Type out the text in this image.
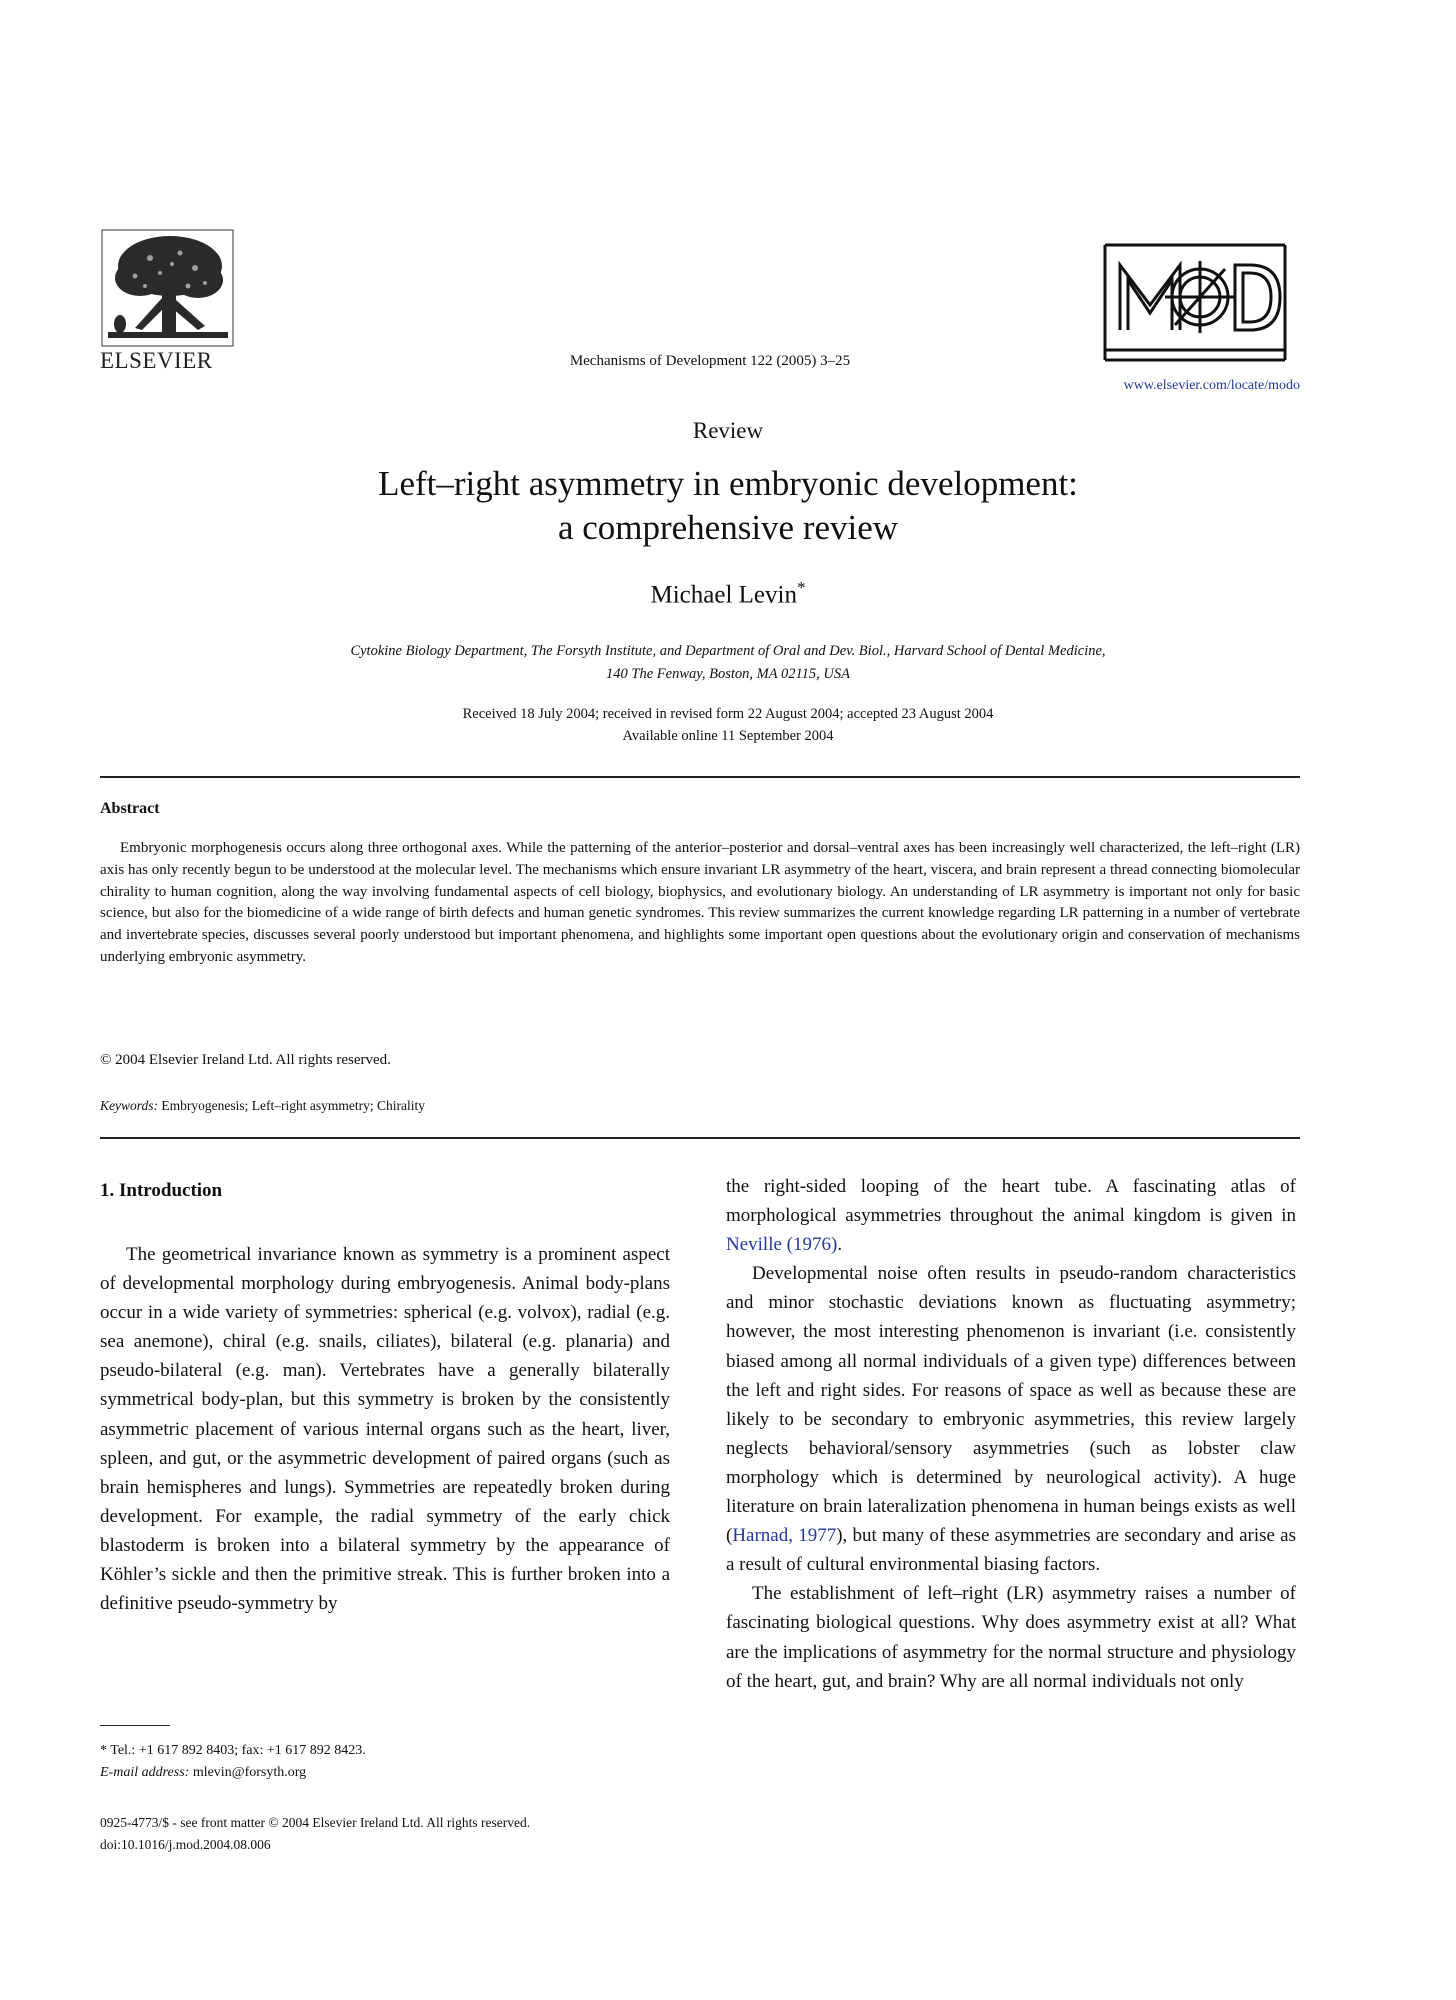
ELSEVIER	Mechanisms of Development 122 (2005) 3–25
www.elsevier.com/locate/modo
Review
Left–right asymmetry in embryonic development:
a comprehensive review
Michael Levin*
Cytokine Biology Department, The Forsyth Institute, and Department of Oral and Dev. Biol., Harvard School of Dental Medicine,
140 The Fenway, Boston, MA 02115, USA
Received 18 July 2004; received in revised form 22 August 2004; accepted 23 August 2004
Available online 11 September 2004
Abstract
Embryonic morphogenesis occurs along three orthogonal axes. While the patterning of the anterior–posterior and dorsal–ventral axes has been increasingly well characterized, the left–right (LR) axis has only recently begun to be understood at the molecular level. The mechanisms which ensure invariant LR asymmetry of the heart, viscera, and brain represent a thread connecting biomolecular chirality to human cognition, along the way involving fundamental aspects of cell biology, biophysics, and evolutionary biology. An understanding of LR asymmetry is important not only for basic science, but also for the biomedicine of a wide range of birth defects and human genetic syndromes. This review summarizes the current knowledge regarding LR patterning in a number of vertebrate and invertebrate species, discusses several poorly understood but important phenomena, and highlights some important open questions about the evolutionary origin and conservation of mechanisms underlying embryonic asymmetry.
© 2004 Elsevier Ireland Ltd. All rights reserved.
Keywords: Embryogenesis; Left–right asymmetry; Chirality
1. Introduction

The geometrical invariance known as symmetry is a prominent aspect of developmental morphology during embryogenesis. Animal body-plans occur in a wide variety of symmetries: spherical (e.g. volvox), radial (e.g. sea anemone), chiral (e.g. snails, ciliates), bilateral (e.g. planaria) and pseudo-bilateral (e.g. man). Vertebrates have a generally bilaterally symmetrical body-plan, but this symmetry is broken by the consistently asymmetric placement of various internal organs such as the heart, liver, spleen, and gut, or the asymmetric development of paired organs (such as brain hemispheres and lungs). Symmetries are repeatedly broken during development. For example, the radial symmetry of the early chick blastoderm is broken into a bilateral symmetry by the appearance of Köhler’s sickle and then the primitive streak. This is further broken into a definitive pseudo-symmetry by

the right-sided looping of the heart tube. A fascinating atlas of morphological asymmetries throughout the animal kingdom is given in Neville (1976).

Developmental noise often results in pseudo-random characteristics and minor stochastic deviations known as fluctuating asymmetry; however, the most interesting phenomenon is invariant (i.e. consistently biased among all normal individuals of a given type) differences between the left and right sides. For reasons of space as well as because these are likely to be secondary to embryonic asymmetries, this review largely neglects behavioral/sensory asymmetries (such as lobster claw morphology which is determined by neurological activity). A huge literature on brain lateralization phenomena in human beings exists as well (Harnad, 1977), but many of these asymmetries are secondary and arise as a result of cultural environmental biasing factors.

The establishment of left–right (LR) asymmetry raises a number of fascinating biological questions. Why does asymmetry exist at all? What are the implications of asymmetry for the normal structure and physiology of the heart, gut, and brain? Why are all normal individuals not only

* Tel.: +1 617 892 8403; fax: +1 617 892 8423.
E-mail address: mlevin@forsyth.org
0925-4773/$ - see front matter © 2004 Elsevier Ireland Ltd. All rights reserved.
doi:10.1016/j.mod.2004.08.006
